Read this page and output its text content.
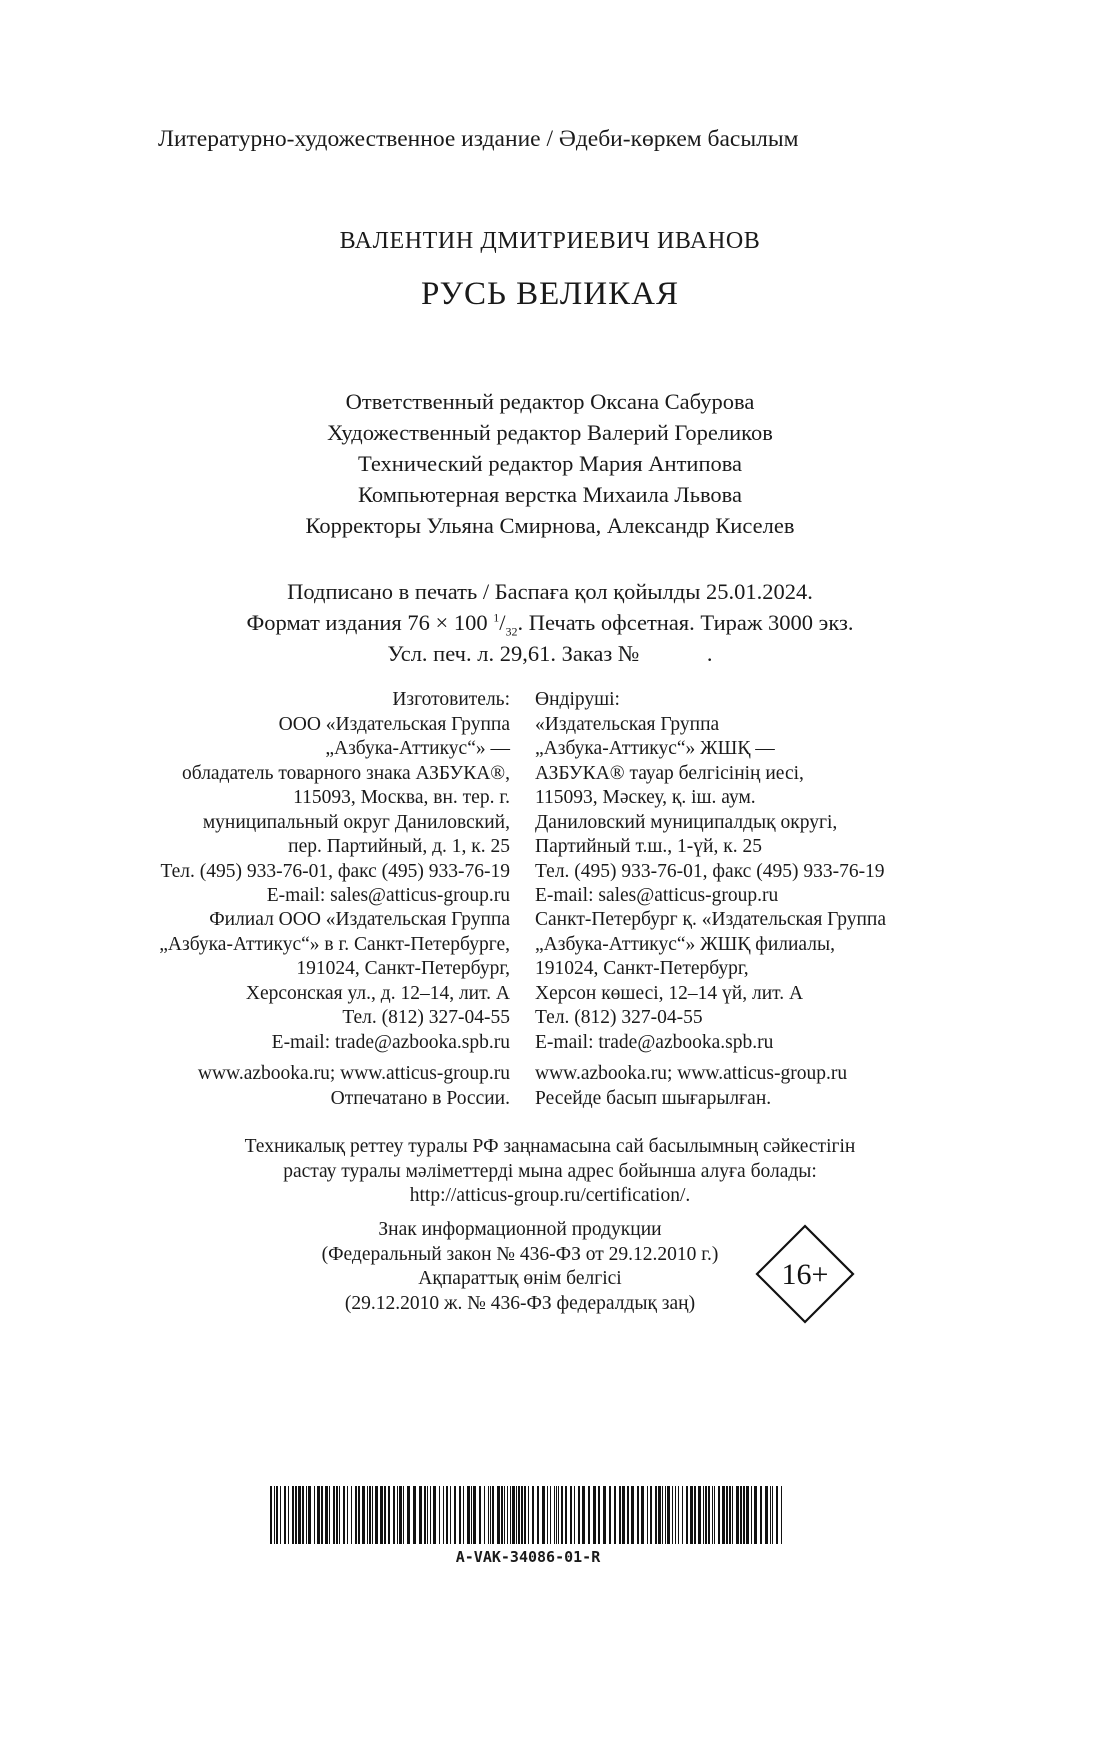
Литературно-художественное издание / Әдеби-көркем басылым
ВАЛЕНТИН ДМИТРИЕВИЧ ИВАНОВ
РУСЬ ВЕЛИКАЯ
Ответственный редактор Оксана Сабурова
Художественный редактор Валерий Гореликов
Технический редактор Мария Антипова
Компьютерная верстка Михаила Львова
Корректоры Ульяна Смирнова, Александр Киселев
Подписано в печать / Баспаға қол қойылды 25.01.2024.
Формат издания 76 × 100 $^1/_{32}$. Печать офсетная. Тираж 3000 экз.
Усл. печ. л. 29,61. Заказ №            .
Изготовитель:
ООО «Издательская Группа
„Азбука-Аттикус“» —
обладатель товарного знака АЗБУКА®,
115093, Москва, вн. тер. г.
муниципальный округ Даниловский,
пер. Партийный, д. 1, к. 25
Тел. (495) 933-76-01, факс (495) 933-76-19
E-mail: sales@atticus-group.ru
Өндіруші:
«Издательская Группа
„Азбука-Аттикус“» ЖШҚ —
АЗБУКА® тауар белгісінің иесі,
115093, Мәскеу, қ. іш. аум.
Даниловский муниципалдық округі,
Партийный т.ш., 1-үй, к. 25
Тел. (495) 933-76-01, факс (495) 933-76-19
E-mail: sales@atticus-group.ru
Филиал ООО «Издательская Группа
„Азбука-Аттикус“» в г. Санкт-Петербурге,
191024, Санкт-Петербург,
Херсонская ул., д. 12–14, лит. А
Тел. (812) 327-04-55
E-mail: trade@azbooka.spb.ru
Санкт-Петербург қ. «Издательская Группа
„Азбука-Аттикус“» ЖШҚ филиалы,
191024, Санкт-Петербург,
Херсон көшесі, 12–14 үй, лит. А
Тел. (812) 327-04-55
E-mail: trade@azbooka.spb.ru
www.azbooka.ru; www.atticus-group.ru
Отпечатано в России.
www.azbooka.ru; www.atticus-group.ru
Ресейде басып шығарылған.
Техникалық реттеу туралы РФ заңнамасына сай басылымның сәйкестігін
растау туралы мәліметтерді мына адрес бойынша алуға болады:
http://atticus-group.ru/certification/.
Знак информационной продукции
(Федеральный закон № 436-ФЗ от 29.12.2010 г.)
Ақпараттық өнім белгісі
(29.12.2010 ж. № 436-ФЗ федералдық заң)
16+
A-VAK-34086-01-R
